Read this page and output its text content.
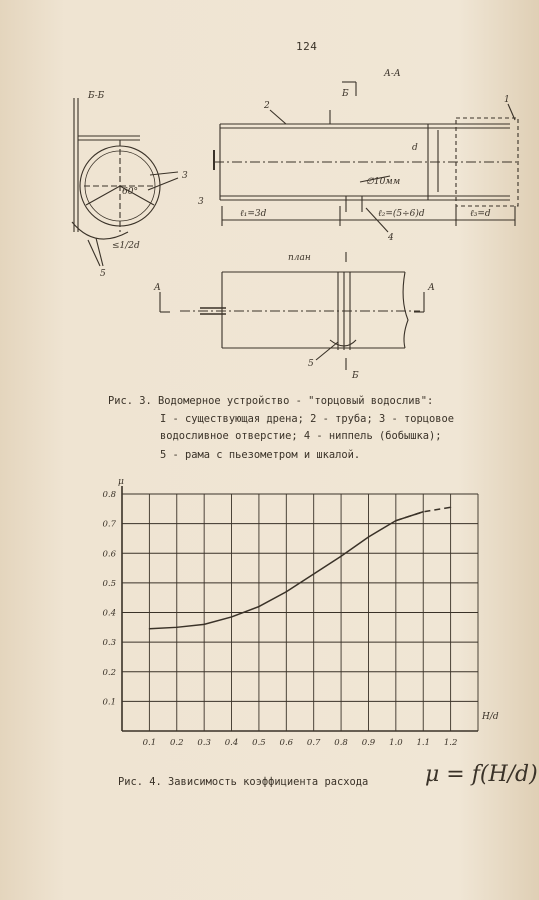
124
Б-Б
А-А
план
Б
Б
А	А
ℓ₁=3d	ℓ₂=(5÷6)d	ℓ₃=d
d
60°
≤1/2d
∅10мм
1
2
3
3
4
5
5
Рис. 3. Водомерное устройство - "торцовый водослив":
I - существующая дрена; 2 - труба; 3 - торцовое
водосливное отверстие; 4 - ниппель (бобышка);
5 - рама с пьезометром и шкалой.
0.1 0.2 0.3 0.4 0.5 0.6 0.7 0.8 0.9 1.0 1.1 1.2
0.1
0.2
0.3
0.4
0.5
0.6
0.7
0.8
μ
H/d
Рис. 4. Зависимость коэффициента расхода	μ = f(H/d)
